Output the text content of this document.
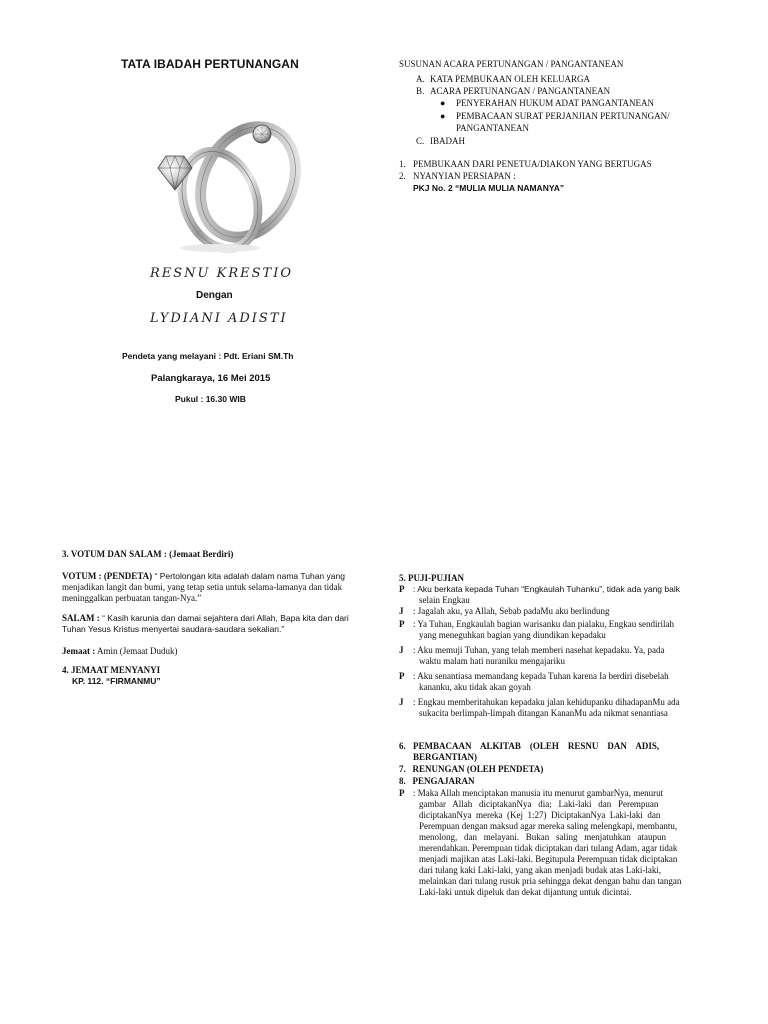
TATA IBADAH PERTUNANGAN
RESNU KRESTIO
Dengan
LYDIANI ADISTI
Pendeta yang melayani : Pdt. Eriani SM.Th
Palangkaraya, 16 Mei 2015
Pukul : 16.30 WIB
SUSUNAN ACARA PERTUNANGAN / PANGANTANEAN
A. KATA PEMBUKAAN OLEH KELUARGA
B. ACARA PERTUNANGAN / PANGANTANEAN
● PENYERAHAN HUKUM ADAT PANGANTANEAN
● PEMBACAAN SURAT PERJANJIAN PERTUNANGAN/
PANGANTANEAN
C. IBADAH
1. PEMBUKAAN DARI PENETUA/DIAKON YANG BERTUGAS
2. NYANYIAN PERSIAPAN :
PKJ No. 2 “MULIA MULIA NAMANYA”
3. VOTUM DAN SALAM : (Jemaat Berdiri)
VOTUM : (PENDETA) “ Pertolongan kita adalah dalam nama Tuhan yang
menjadikan langit dan bumi, yang tetap setia untuk selama-lamanya dan tidak
meninggalkan perbuatan tangan-Nya.”
SALAM : “ Kasih karunia dan damai sejahtera dari Allah, Bapa kita dan dari
Tuhan Yesus Kristus menyertai saudara-saudara sekalian.”
Jemaat : Amin (Jemaat Duduk)
4. JEMAAT MENYANYI
KP. 112. “FIRMANMU”
5. PUJI-PUJIAN
P : Aku berkata kepada Tuhan “Engkaulah Tuhanku”, tidak ada yang baik
selain Engkau
J : Jagalah aku, ya Allah, Sebab padaMu aku berlindung
P : Ya Tuhan, Engkaulah bagian warisanku dan pialaku, Engkau sendirilah
yang meneguhkan bagian yang diundikan kepadaku
J : Aku memuji Tuhan, yang telah memberi nasehat kepadaku. Ya, pada
waktu malam hati nuraniku mengajariku
P : Aku senantiasa memandang kepada Tuhan karena Ia berdiri disebelah
kananku, aku tidak akan goyah
J : Engkau memberitahukan kepadaku jalan kehidupanku dihadapanMu ada
sukacita berlimpah-limpah ditangan KananMu ada nikmat senantiasa
6. PEMBACAAN    ALKITAB    (OLEH    RESNU    DAN    ADIS,
BERGANTIAN)
7.   RENUNGAN (OLEH PENDETA)
8.   PENGAJARAN
P : Maka Allah menciptakan manusia itu menurut gambarNya, menurut
gambar   Allah   diciptakanNya   dia;   Laki-laki   dan   Perempuan
diciptakanNya  mereka  (Kej  1:27)  DiciptakanNya  Laki-laki  dan
Perempuan dengan maksud agar mereka saling melengkapi, membantu,
menolong,   dan   melayani.   Bukan   saling   menjatuhkan   ataupun
merendahkan. Perempuan tidak diciptakan dari tulang Adam, agar tidak
menjadi majikan atas Laki-laki. Begitupula Perempuan tidak diciptakan
dari tulang kaki Laki-laki, yang akan menjadi budak atas Laki-laki,
melainkan dari tulang rusuk pria sehingga dekat dengan bahu dan tangan
Laki-laki untuk dipeluk dan dekat dijantung untuk dicintai.
